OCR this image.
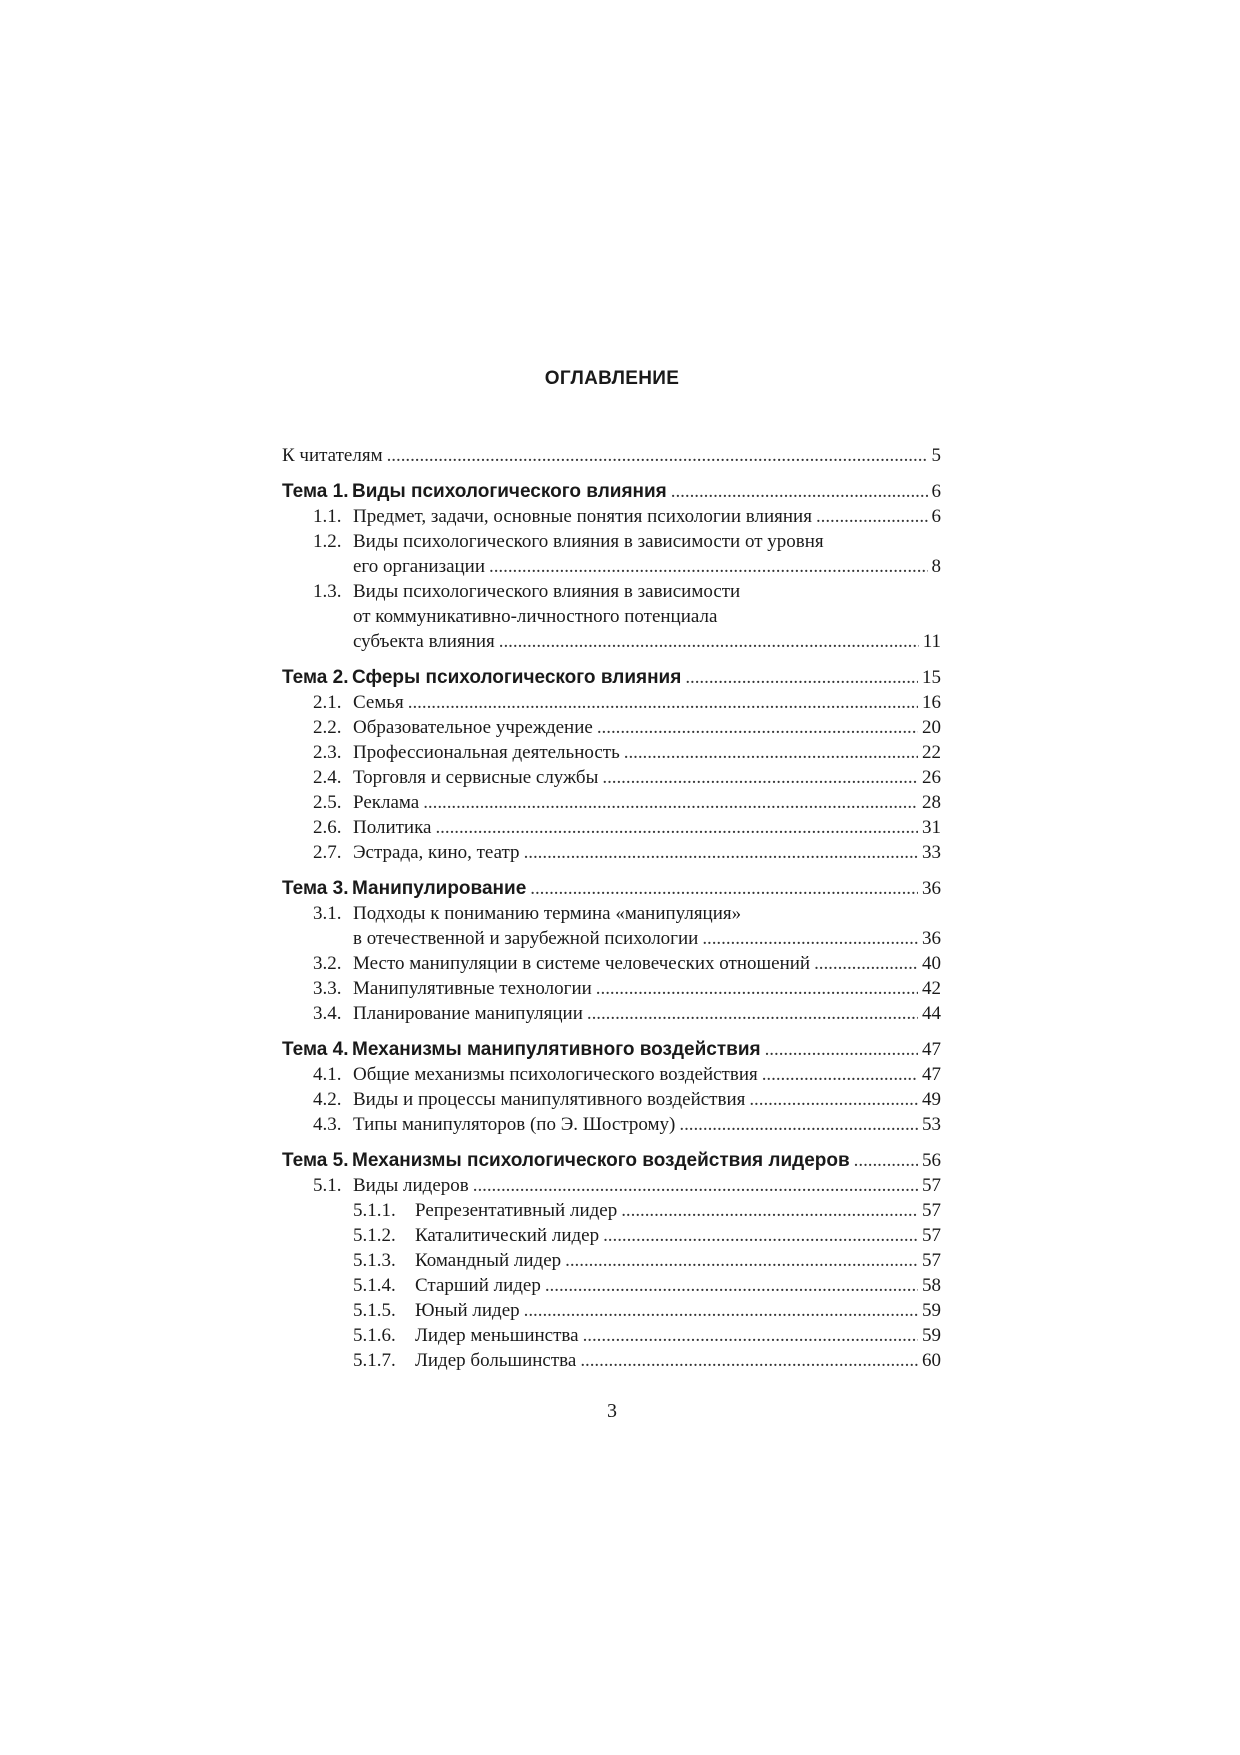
ОГЛАВЛЕНИЕ
К читателям . . .	5
Тема 1. Виды психологического влияния . . .	6
1.1. Предмет, задачи, основные понятия психологии влияния . . .	6
1.2. Виды психологического влияния в зависимости от уровня
его организации . . .	8
1.3. Виды психологического влияния в зависимости
от коммуникативно-личностного потенциала
субъекта влияния . . .	11
Тема 2. Сферы психологического влияния . . .	15
2.1. Семья . . .	16
2.2. Образовательное учреждение . . .	20
2.3. Профессиональная деятельность . . .	22
2.4. Торговля и сервисные службы . . .	26
2.5. Реклама . . .	28
2.6. Политика . . .	31
2.7. Эстрада, кино, театр . . .	33
Тема 3. Манипулирование . . .	36
3.1. Подходы к пониманию термина «манипуляция»
в отечественной и зарубежной психологии . . .	36
3.2. Место манипуляции в системе человеческих отношений . . .	40
3.3. Манипулятивные технологии . . .	42
3.4. Планирование манипуляции . . .	44
Тема 4. Механизмы манипулятивного воздействия . . .	47
4.1. Общие механизмы психологического воздействия . . .	47
4.2. Виды и процессы манипулятивного воздействия . . .	49
4.3. Типы манипуляторов (по Э. Шострому) . . .	53
Тема 5. Механизмы психологического воздействия лидеров . . .	56
5.1. Виды лидеров . . .	57
5.1.1. Репрезентативный лидер . . .	57
5.1.2. Каталитический лидер . . .	57
5.1.3. Командный лидер . . .	57
5.1.4. Старший лидер . . .	58
5.1.5. Юный лидер . . .	59
5.1.6. Лидер меньшинства . . .	59
5.1.7. Лидер большинства . . .	60
3
